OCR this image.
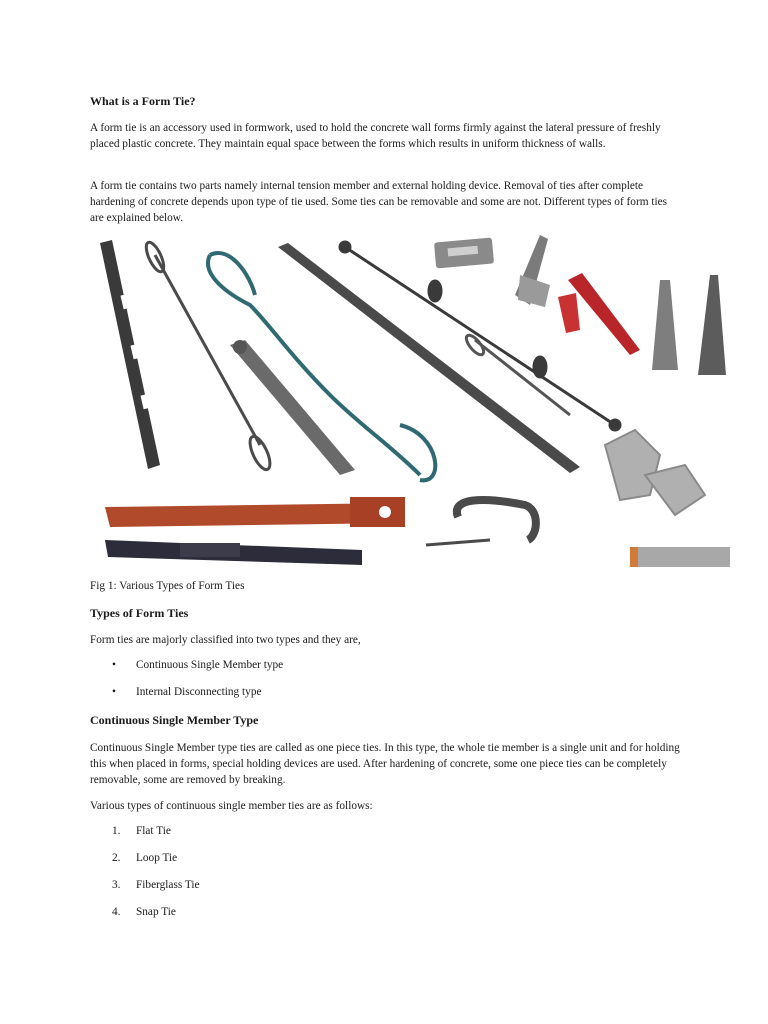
What is a Form Tie?

A form tie is an accessory used in formwork, used to hold the concrete wall forms firmly against the lateral pressure of freshly placed plastic concrete. They maintain equal space between the forms which results in uniform thickness of walls.

A form tie contains two parts namely internal tension member and external holding device. Removal of ties after complete hardening of concrete depends upon type of tie used. Some ties can be removable and some are not. Different types of form ties are explained below.

Fig 1: Various Types of Form Ties
Types of Form Ties

Form ties are majorly classified into two types and they are,

• Continuous Single Member type
• Internal Disconnecting type
Continuous Single Member Type

Continuous Single Member type ties are called as one piece ties. In this type, the whole tie member is a single unit and for holding this when placed in forms, special holding devices are used. After hardening of concrete, some one piece ties can be completely removable, some are removed by breaking.

Various types of continuous single member ties are as follows:

1. Flat Tie
2. Loop Tie
3. Fiberglass Tie
4. Snap Tie
